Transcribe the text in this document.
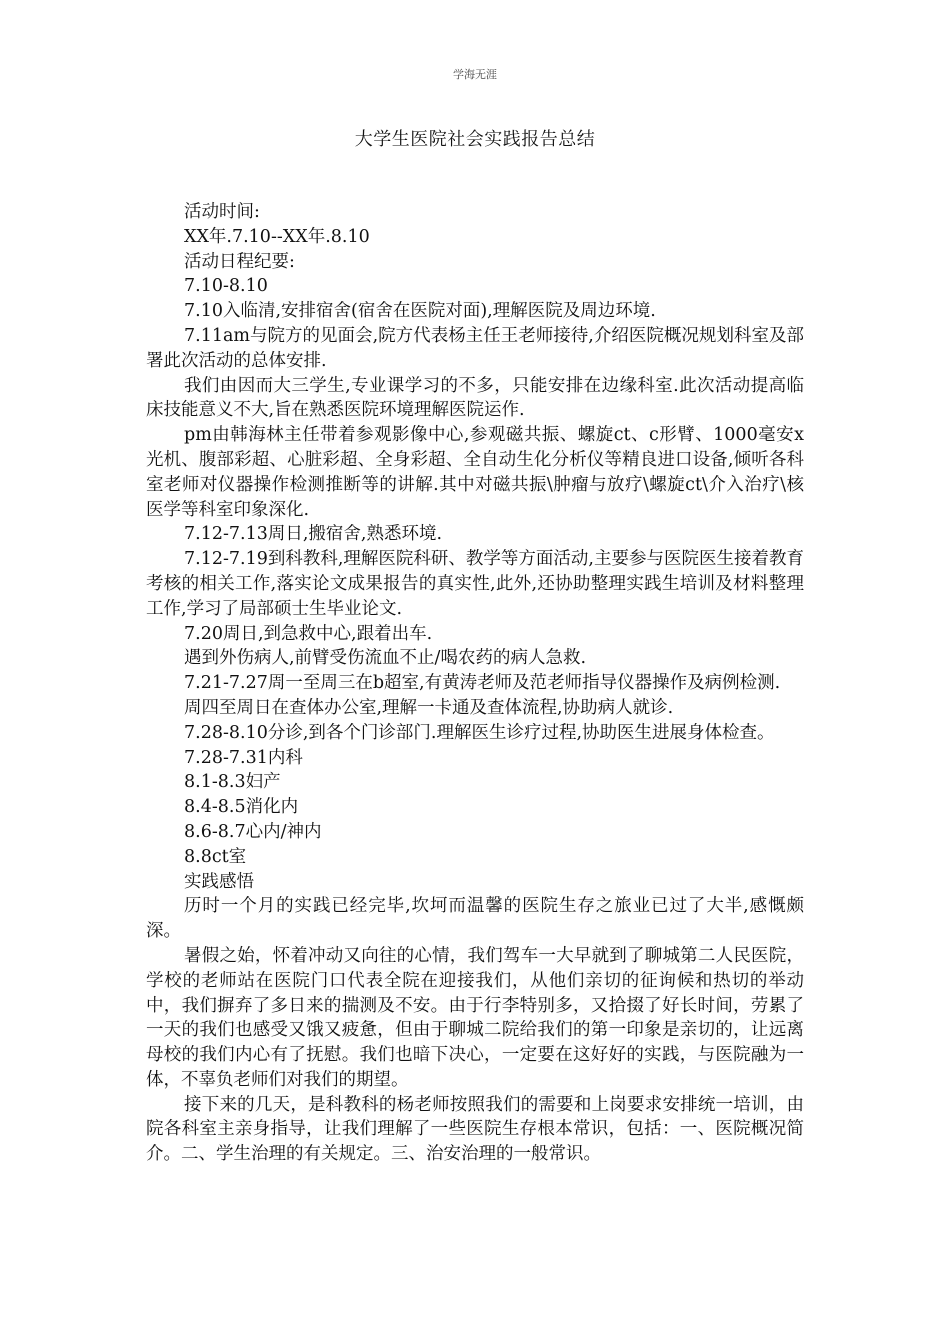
学海无涯
大学生医院社会实践报告总结

活动时间:

XX年.7.10--XX年.8.10

活动日程纪要:

7.10-8.10

7.10入临清,安排宿舍(宿舍在医院对面),理解医院及周边环境.

7.11am与院方的见面会,院方代表杨主任王老师接待,介绍医院概况规划科室及部署此次活动的总体安排.

我们由因而大三学生,专业课学习的不多，只能安排在边缘科室.此次活动提高临床技能意义不大,旨在熟悉医院环境理解医院运作.

pm由韩海林主任带着参观影像中心,参观磁共振、螺旋ct、c形臂、1000毫安x光机、腹部彩超、心脏彩超、全身彩超、全自动生化分析仪等精良进口设备,倾听各科室老师对仪器操作检测推断等的讲解.其中对磁共振\肿瘤与放疗\螺旋ct\介入治疗\核医学等科室印象深化.

7.12-7.13周日,搬宿舍,熟悉环境.

7.12-7.19到科教科,理解医院科研、教学等方面活动,主要参与医院医生接着教育考核的相关工作,落实论文成果报告的真实性,此外,还协助整理实践生培训及材料整理工作,学习了局部硕士生毕业论文.

7.20周日,到急救中心,跟着出车.

遇到外伤病人,前臂受伤流血不止/喝农药的病人急救.

7.21-7.27周一至周三在b超室,有黄涛老师及范老师指导仪器操作及病例检测.

周四至周日在查体办公室,理解一卡通及查体流程,协助病人就诊.

7.28-8.10分诊,到各个门诊部门.理解医生诊疗过程,协助医生进展身体检查。

7.28-7.31内科

8.1-8.3妇产

8.4-8.5消化内

8.6-8.7心内/神内

8.8ct室

实践感悟

历时一个月的实践已经完毕,坎坷而温馨的医院生存之旅业已过了大半,感慨颇深。

暑假之始，怀着冲动又向往的心情，我们驾车一大早就到了聊城第二人民医院，学校的老师站在医院门口代表全院在迎接我们，从他们亲切的征询候和热切的举动中，我们摒弃了多日来的揣测及不安。由于行李特别多，又拾掇了好长时间，劳累了一天的我们也感受又饿又疲惫，但由于聊城二院给我们的第一印象是亲切的，让远离母校的我们内心有了抚慰。我们也暗下决心，一定要在这好好的实践，与医院融为一体，不辜负老师们对我们的期望。

接下来的几天，是科教科的杨老师按照我们的需要和上岗要求安排统一培训，由院各科室主亲身指导，让我们理解了一些医院生存根本常识，包括：一、医院概况简介。二、学生治理的有关规定。三、治安治理的一般常识。
